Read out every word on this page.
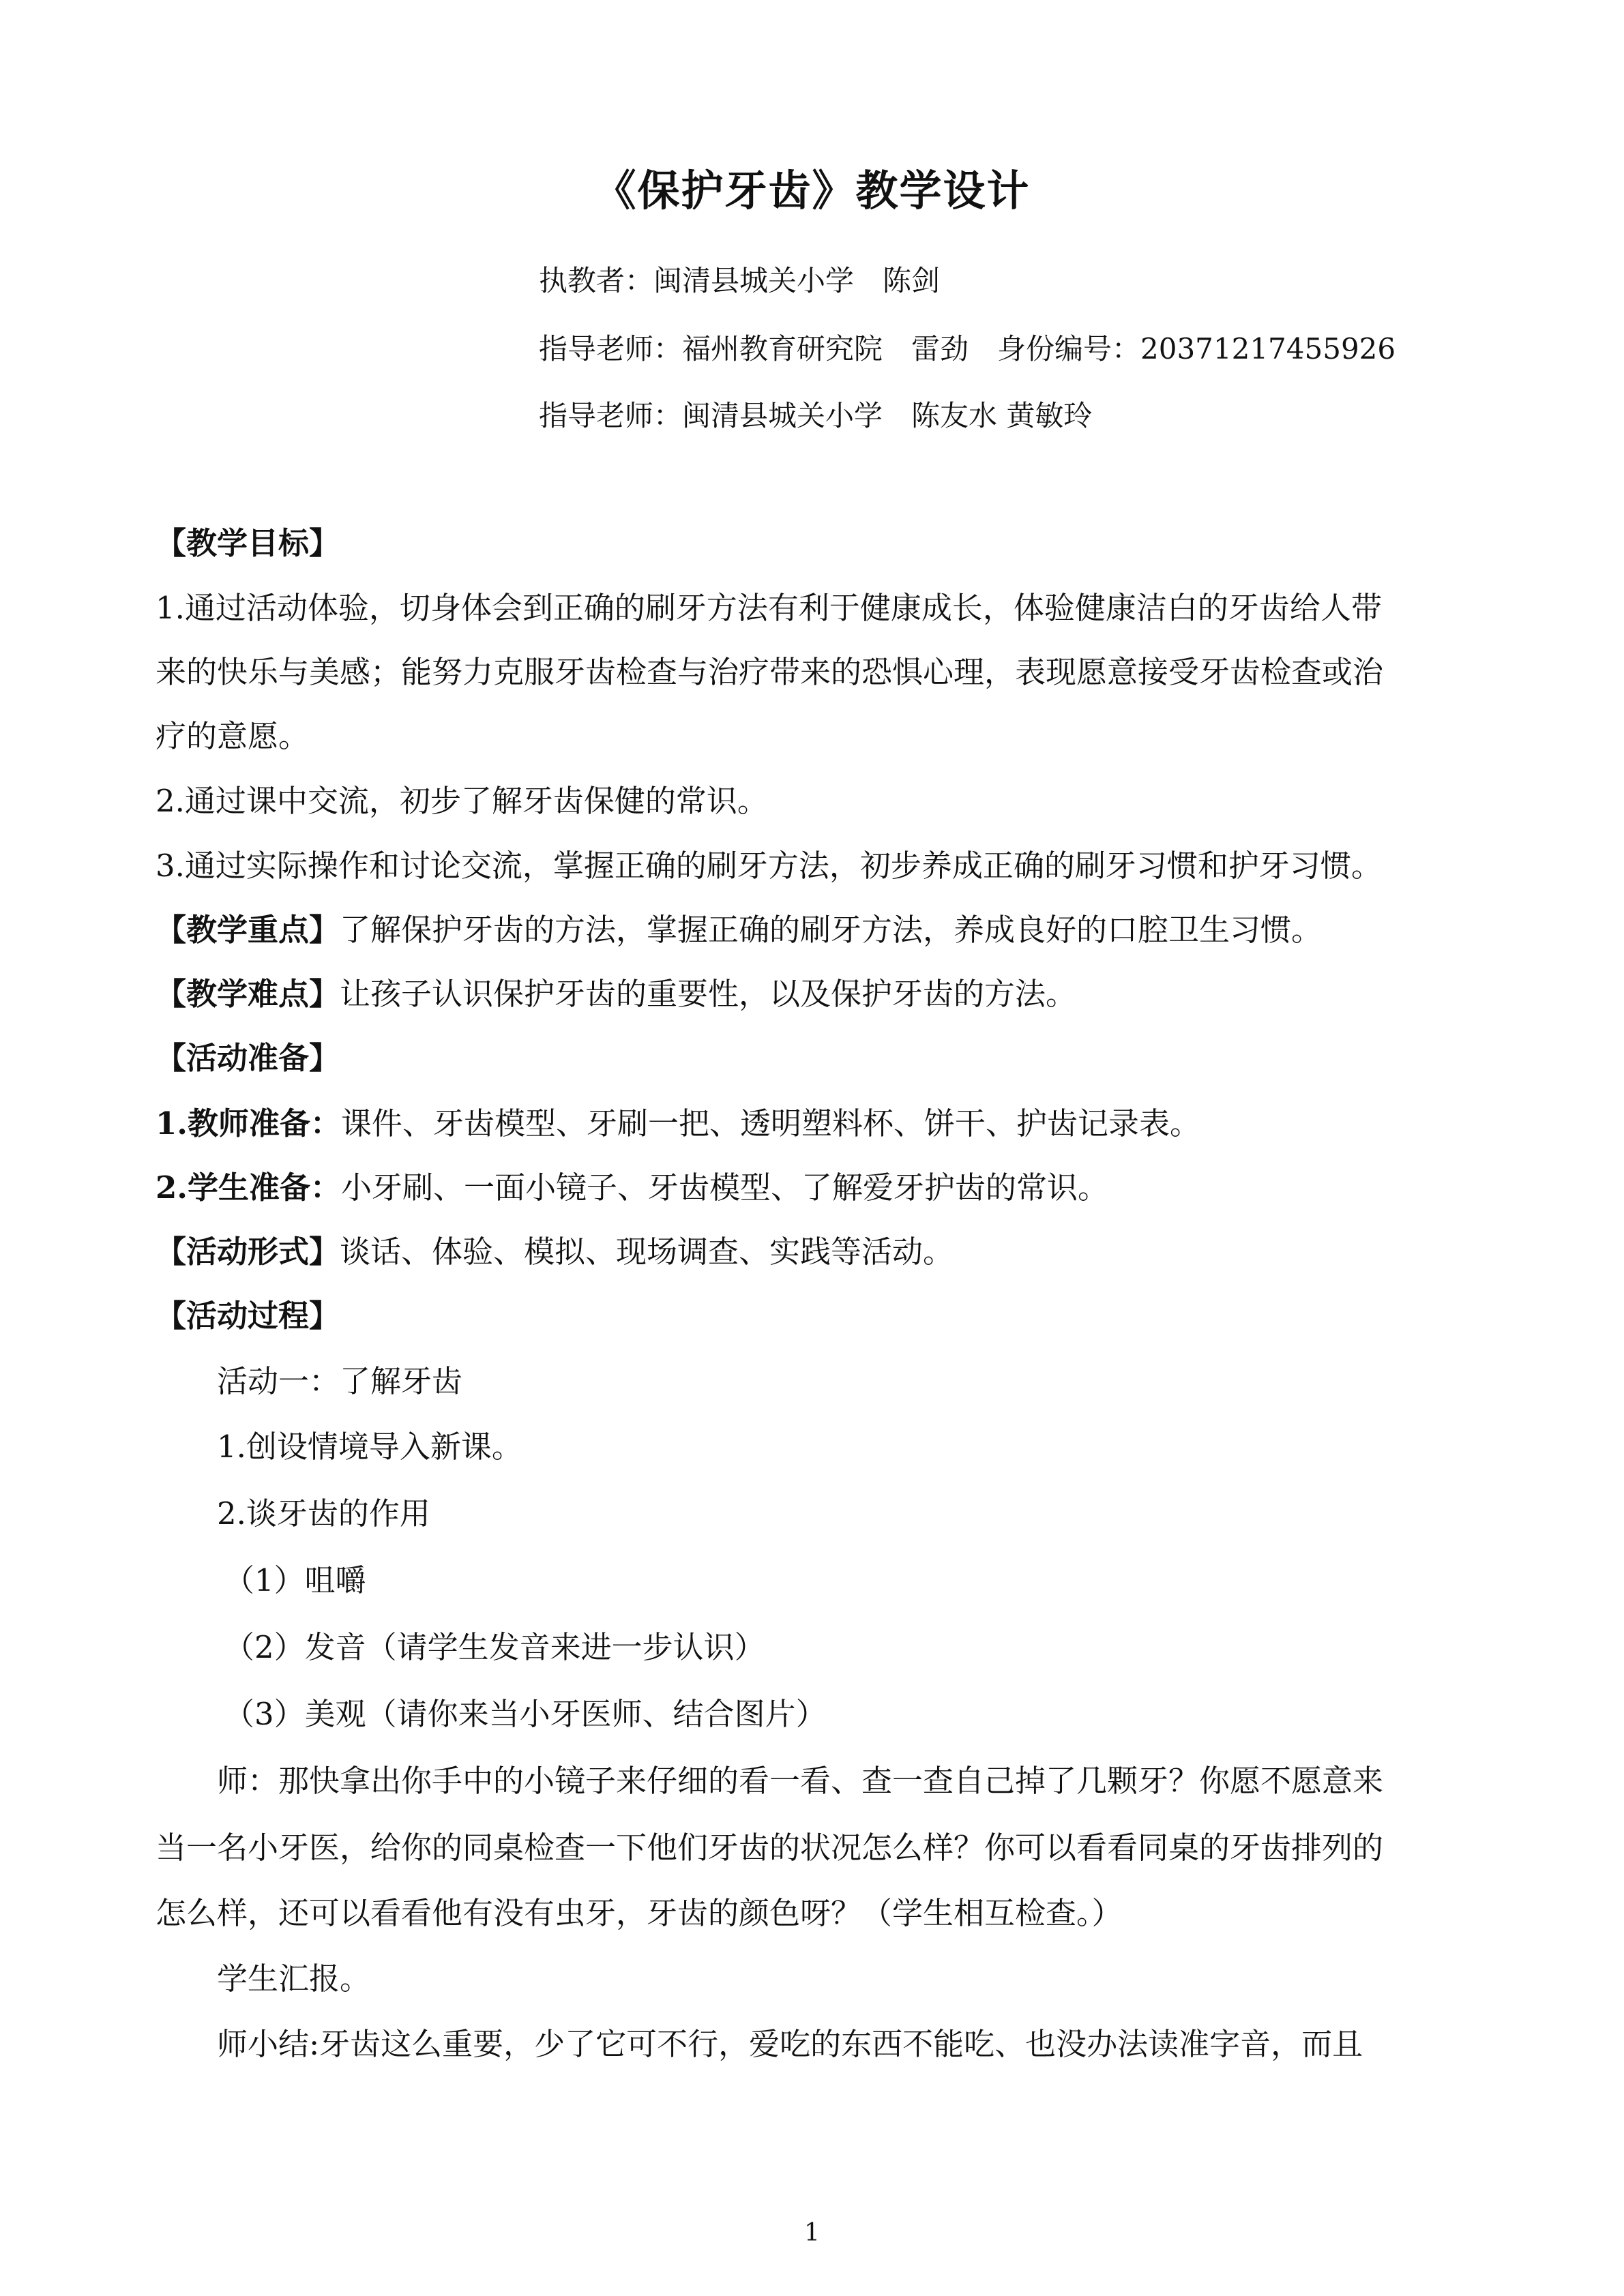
《保护牙齿》教学设计
执教者：闽清县城关小学　陈剑
指导老师：福州教育研究院　雷劲　身份编号：20371217455926
指导老师：闽清县城关小学　陈友水 黄敏玲
【教学目标】
1.通过活动体验，切身体会到正确的刷牙方法有利于健康成长，体验健康洁白的牙齿给人带
来的快乐与美感；能努力克服牙齿检查与治疗带来的恐惧心理，表现愿意接受牙齿检查或治
疗的意愿。
2.通过课中交流，初步了解牙齿保健的常识。
3.通过实际操作和讨论交流，掌握正确的刷牙方法，初步养成正确的刷牙习惯和护牙习惯。
【教学重点】了解保护牙齿的方法，掌握正确的刷牙方法，养成良好的口腔卫生习惯。
【教学难点】让孩子认识保护牙齿的重要性，以及保护牙齿的方法。
【活动准备】
1.教师准备：课件、牙齿模型、牙刷一把、透明塑料杯、饼干、护齿记录表。
2.学生准备：小牙刷、一面小镜子、牙齿模型、了解爱牙护齿的常识。
【活动形式】谈话、体验、模拟、现场调查、实践等活动。
【活动过程】
活动一：了解牙齿
1.创设情境导入新课。
2.谈牙齿的作用
（1）咀嚼
（2）发音（请学生发音来进一步认识）
（3）美观（请你来当小牙医师、结合图片）
师：那快拿出你手中的小镜子来仔细的看一看、查一查自己掉了几颗牙？你愿不愿意来
当一名小牙医，给你的同桌检查一下他们牙齿的状况怎么样？你可以看看同桌的牙齿排列的
怎么样，还可以看看他有没有虫牙，牙齿的颜色呀？（学生相互检查。）
学生汇报。
师小结:牙齿这么重要，少了它可不行，爱吃的东西不能吃、也没办法读准字音，而且
1
